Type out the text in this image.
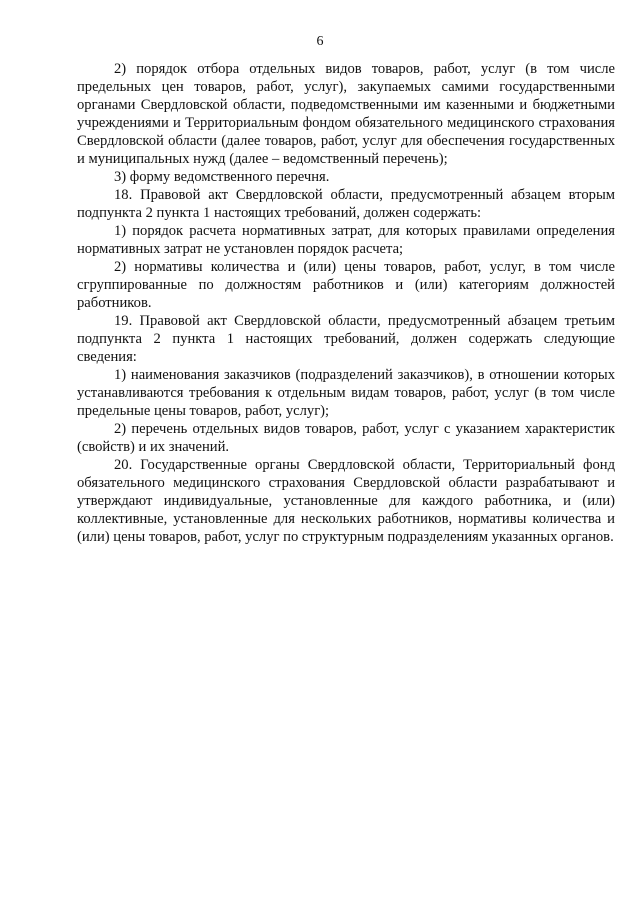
6

2) порядок отбора отдельных видов товаров, работ, услуг (в том числе предельных цен товаров, работ, услуг), закупаемых самими государственными органами Свердловской области, подведомственными им казенными и бюджетными учреждениями и Территориальным фондом обязательного медицинского страхования Свердловской области (далее товаров, работ, услуг для обеспечения государственных и муниципальных нужд (далее – ведомственный перечень);

3) форму ведомственного перечня.

18. Правовой акт Свердловской области, предусмотренный абзацем вторым подпункта 2 пункта 1 настоящих требований, должен содержать:

1) порядок расчета нормативных затрат, для которых правилами определения нормативных затрат не установлен порядок расчета;

2) нормативы количества и (или) цены товаров, работ, услуг, в том числе сгруппированные по должностям работников и (или) категориям должностей работников.

19. Правовой акт Свердловской области, предусмотренный абзацем третьим подпункта 2 пункта 1 настоящих требований, должен содержать следующие сведения:

1) наименования заказчиков (подразделений заказчиков), в отношении которых устанавливаются требования к отдельным видам товаров, работ, услуг (в том числе предельные цены товаров, работ, услуг);

2) перечень отдельных видов товаров, работ, услуг с указанием характеристик (свойств) и их значений.

20. Государственные органы Свердловской области, Территориальный фонд обязательного медицинского страхования Свердловской области разрабатывают и утверждают индивидуальные, установленные для каждого работника, и (или) коллективные, установленные для нескольких работников, нормативы количества и (или) цены товаров, работ, услуг по структурным подразделениям указанных органов.
